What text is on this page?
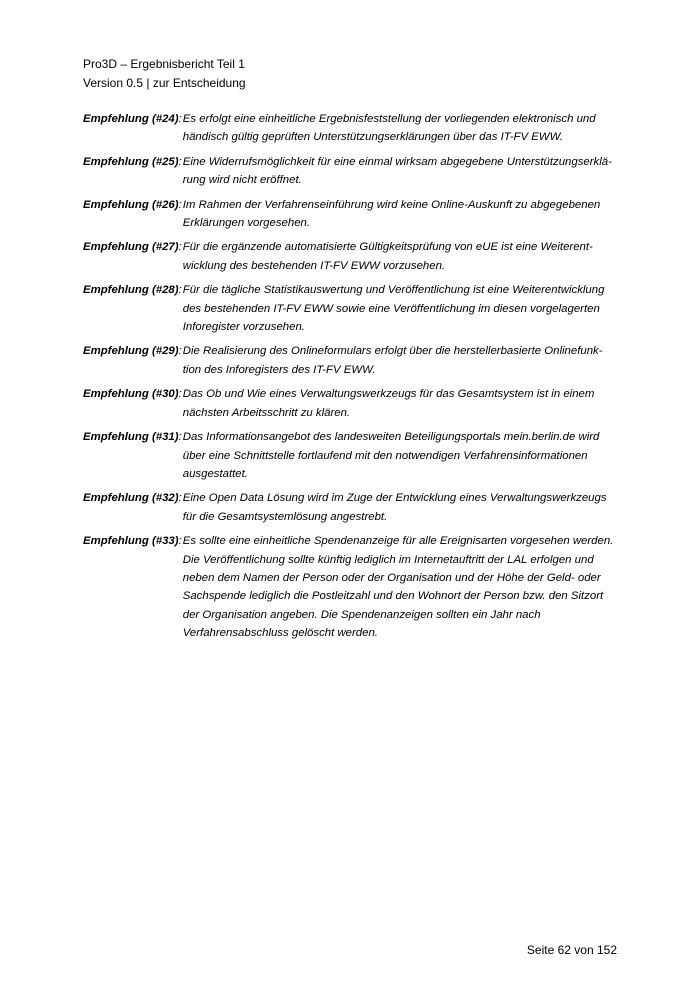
Pro3D – Ergebnisbericht Teil 1
Version 0.5 | zur Entscheidung
Empfehlung (#24): Es erfolgt eine einheitliche Ergebnisfeststellung der vorliegenden elektronisch und
händisch gültig geprüften Unterstützungserklärungen über das IT-FV EWW.
Empfehlung (#25): Eine Widerrufsmöglichkeit für eine einmal wirksam abgegebene Unterstützungserklä-
rung wird nicht eröffnet.
Empfehlung (#26): Im Rahmen der Verfahrenseinführung wird keine Online-Auskunft zu abgegebenen
Erklärungen vorgesehen.
Empfehlung (#27): Für die ergänzende automatisierte Gültigkeitsprüfung von eUE ist eine Weiterent-
wicklung des bestehenden IT-FV EWW vorzusehen.
Empfehlung (#28): Für die tägliche Statistikauswertung und Veröffentlichung ist eine Weiterentwicklung
des bestehenden IT-FV EWW sowie eine Veröffentlichung im diesen vorgelagerten
Inforegister vorzusehen.
Empfehlung (#29): Die Realisierung des Onlineformulars erfolgt über die herstellerbasierte Onlinefunk-
tion des Inforegisters des IT-FV EWW.
Empfehlung (#30): Das Ob und Wie eines Verwaltungswerkzeugs für das Gesamtsystem ist in einem
nächsten Arbeitsschritt zu klären.
Empfehlung (#31): Das Informationsangebot des landesweiten Beteiligungsportals mein.berlin.de wird
über eine Schnittstelle fortlaufend mit den notwendigen Verfahrensinformationen
ausgestattet.
Empfehlung (#32): Eine Open Data Lösung wird im Zuge der Entwicklung eines Verwaltungswerkzeugs
für die Gesamtsystemlösung angestrebt.
Empfehlung (#33): Es sollte eine einheitliche Spendenanzeige für alle Ereignisarten vorgesehen werden.
Die Veröffentlichung sollte künftig lediglich im Internetauftritt der LAL erfolgen und
neben dem Namen der Person oder der Organisation und der Höhe der Geld- oder
Sachspende lediglich die Postleitzahl und den Wohnort der Person bzw. den Sitzort
der Organisation angeben. Die Spendenanzeigen sollten ein Jahr nach
Verfahrensabschluss gelöscht werden.
Seite 62 von 152
